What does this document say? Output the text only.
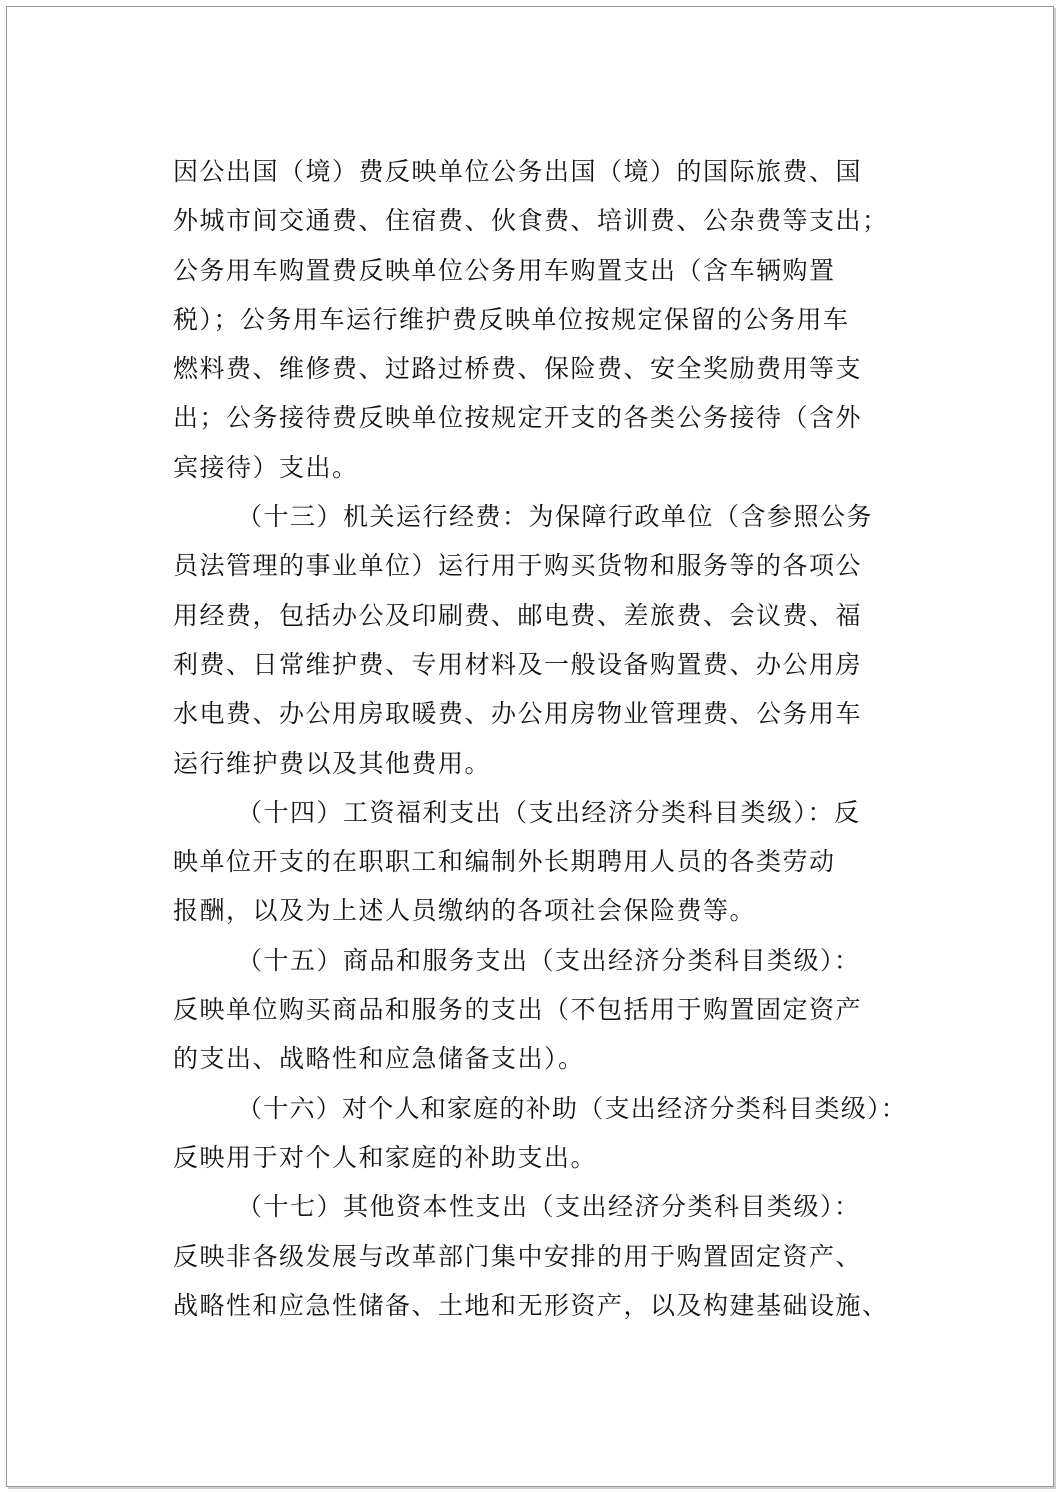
因公出国（境）费反映单位公务出国（境）的国际旅费、国
外城市间交通费、住宿费、伙食费、培训费、公杂费等支出；
公务用车购置费反映单位公务用车购置支出（含车辆购置
税）；公务用车运行维护费反映单位按规定保留的公务用车
燃料费、维修费、过路过桥费、保险费、安全奖励费用等支
出；公务接待费反映单位按规定开支的各类公务接待（含外
宾接待）支出。
（十三）机关运行经费：为保障行政单位（含参照公务
员法管理的事业单位）运行用于购买货物和服务等的各项公
用经费，包括办公及印刷费、邮电费、差旅费、会议费、福
利费、日常维护费、专用材料及一般设备购置费、办公用房
水电费、办公用房取暖费、办公用房物业管理费、公务用车
运行维护费以及其他费用。
（十四）工资福利支出（支出经济分类科目类级）：反
映单位开支的在职职工和编制外长期聘用人员的各类劳动
报酬，以及为上述人员缴纳的各项社会保险费等。
（十五）商品和服务支出（支出经济分类科目类级）：
反映单位购买商品和服务的支出（不包括用于购置固定资产
的支出、战略性和应急储备支出）。
（十六）对个人和家庭的补助（支出经济分类科目类级）：
反映用于对个人和家庭的补助支出。
（十七）其他资本性支出（支出经济分类科目类级）：
反映非各级发展与改革部门集中安排的用于购置固定资产、
战略性和应急性储备、土地和无形资产，以及构建基础设施、
